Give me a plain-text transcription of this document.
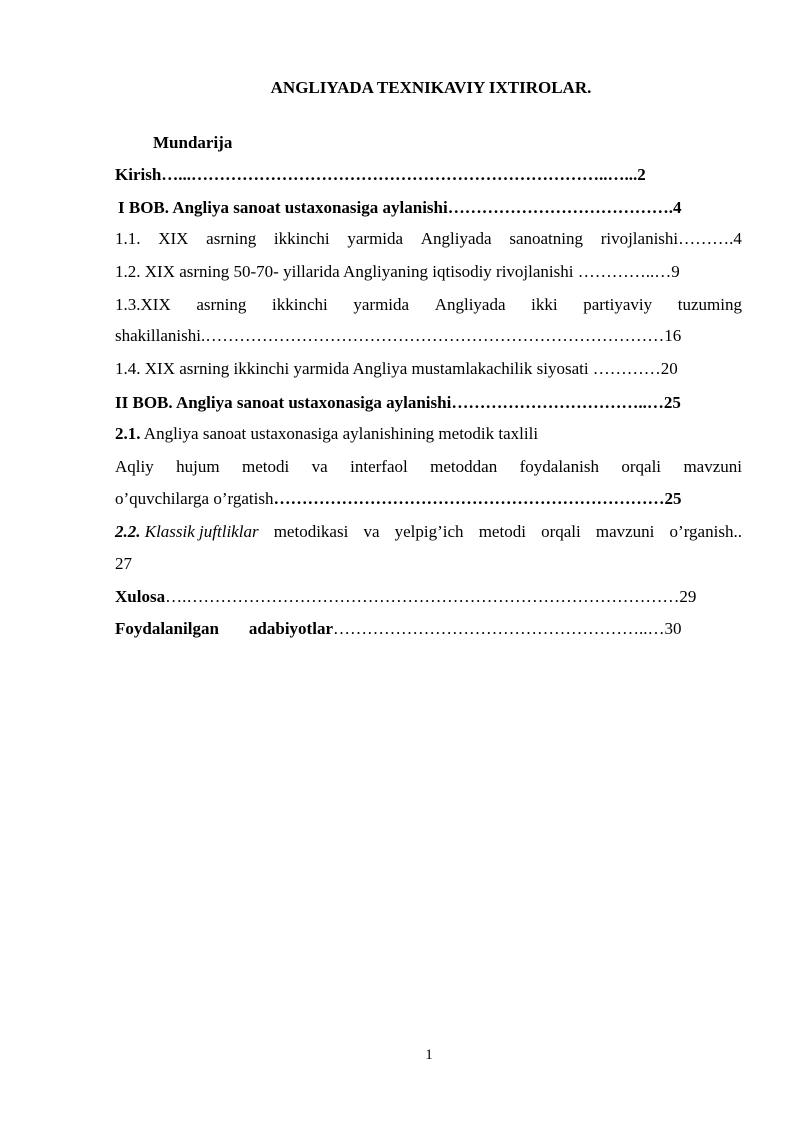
ANGLIYADA TEXNIKAVIY IXTIROLAR.
Mundarija
Kirish…...………………………………………………………………..…...2
I BOB. Angliya sanoat ustaxonasiga aylanishi………………………………….4
1.1. XIX asrning ikkinchi yarmida Angliyada sanoatning rivojlanishi……….4
1.2. XIX asrning 50-70- yillarida Angliyaning iqtisodiy rivojlanishi …………..…9
1.3.XIX asrning ikkinchi yarmida Angliyada ikki partiyaviy tuzuming
shakillanishi.………………………………………………………………………16
1.4. XIX asrning ikkinchi yarmida Angliya mustamlakachilik siyosati …………20
II BOB. Angliya sanoat ustaxonasiga aylanishi……………………………..…25
2.1. Angliya sanoat ustaxonasiga aylanishining metodik taxlili
Aqliy hujum metodi va interfaol metoddan foydalanish orqali mavzuni
o’quvchilarga o’rgatish……………………………………………………………25
2.2. Klassik juftliklar metodikasi va yelpig’ich metodi orqali mavzuni o’rganish..
27
Xulosa….……………………………………………………………………………29
Foydalanilgan adabiyotlar………………………………………………..…30
1
